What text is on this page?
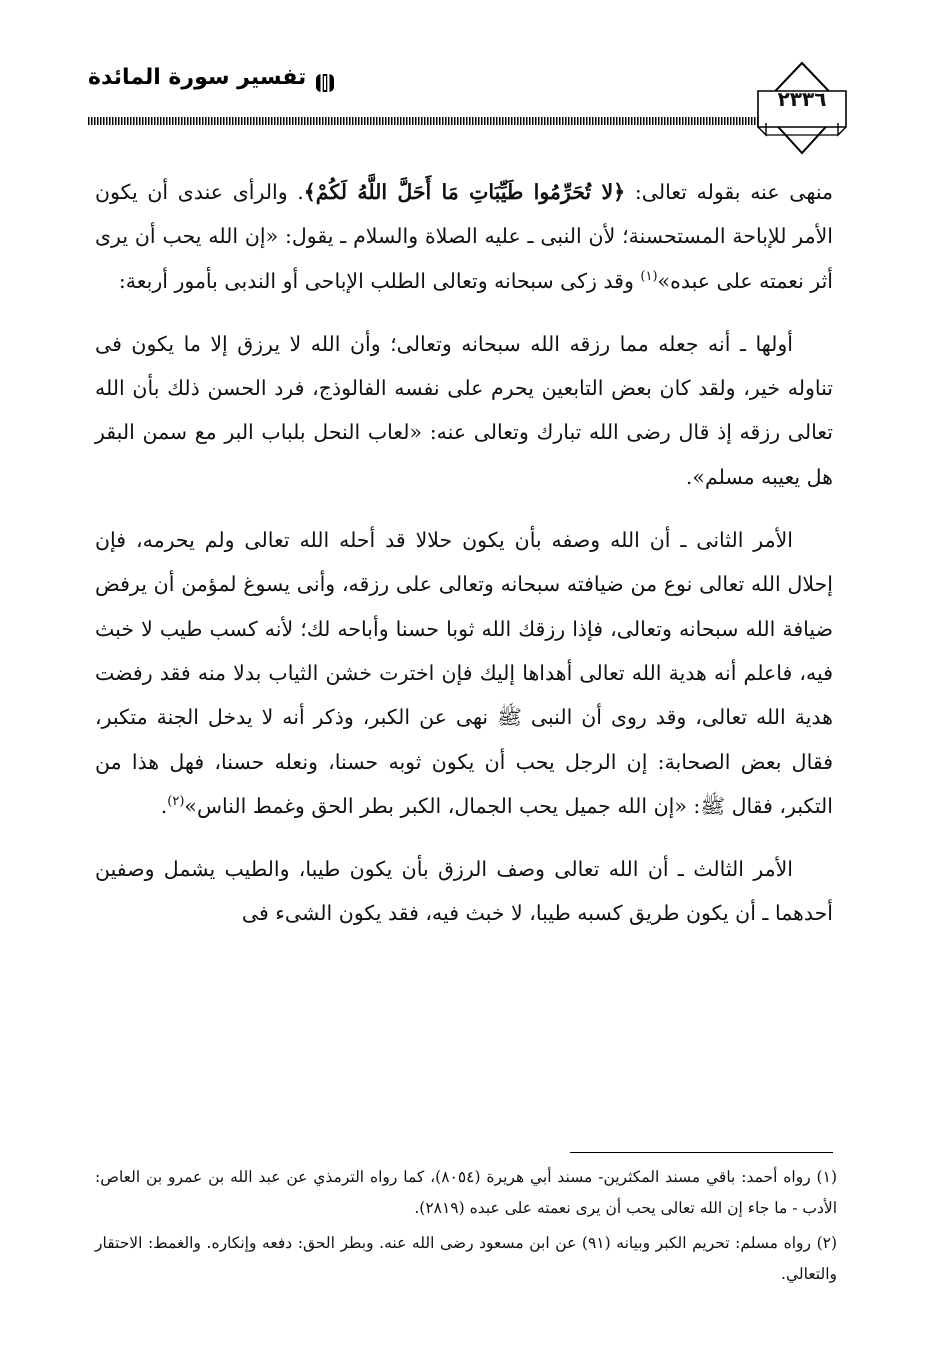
تفسير سورة المائدة
٢٣٣٦

منهى عنه بقوله تعالى: ﴿لا تُحَرِّمُوا طَيِّبَاتِ مَا أَحَلَّ اللَّهُ لَكُمْ﴾. والرأى عندى أن يكون الأمر للإباحة المستحسنة؛ لأن النبى ـ عليه الصلاة والسلام ـ يقول: «إن الله يحب أن يرى أثر نعمته على عبده»$^{(١)}$ وقد زكى سبحانه وتعالى الطلب الإباحى أو الندبى بأمور أربعة:

أولها ـ أنه جعله مما رزقه الله سبحانه وتعالى؛ وأن الله لا يرزق إلا ما يكون فى تناوله خير، ولقد كان بعض التابعين يحرم على نفسه الفالوذج، فرد الحسن ذلك بأن الله تعالى رزقه إذ قال رضى الله تبارك وتعالى عنه: «لعاب النحل بلباب البر مع سمن البقر هل يعيبه مسلم».

الأمر الثانى ـ أن الله وصفه بأن يكون حلالا قد أحله الله تعالى ولم يحرمه، فإن إحلال الله تعالى نوع من ضيافته سبحانه وتعالى على رزقه، وأنى يسوغ لمؤمن أن يرفض ضيافة الله سبحانه وتعالى، فإذا رزقك الله ثوبا حسنا وأباحه لك؛ لأنه كسب طيب لا خبث فيه، فاعلم أنه هدية الله تعالى أهداها إليك فإن اخترت خشن الثياب بدلا منه فقد رفضت هدية الله تعالى، وقد روى أن النبى ﷺ نهى عن الكبر، وذكر أنه لا يدخل الجنة متكبر، فقال بعض الصحابة: إن الرجل يحب أن يكون ثوبه حسنا، ونعله حسنا، فهل هذا من التكبر، فقال ﷺ: «إن الله جميل يحب الجمال، الكبر بطر الحق وغمط الناس»$^{(٢)}$.

الأمر الثالث ـ أن الله تعالى وصف الرزق بأن يكون طيبا، والطيب يشمل وصفين أحدهما ـ أن يكون طريق كسبه طيبا، لا خبث فيه، فقد يكون الشىء فى

(١) رواه أحمد: باقي مسند المكثرين- مسند أبي هريرة (٨٠٥٤)، كما رواه الترمذي عن عبد الله بن عمرو بن العاص: الأدب - ما جاء إن الله تعالى يحب أن يرى نعمته على عبده (٢٨١٩).

(٢) رواه مسلم: تحريم الكبر وبيانه (٩١) عن ابن مسعود رضى الله عنه. وبطر الحق: دفعه وإنكاره. والغمط: الاحتقار والتعالي.
